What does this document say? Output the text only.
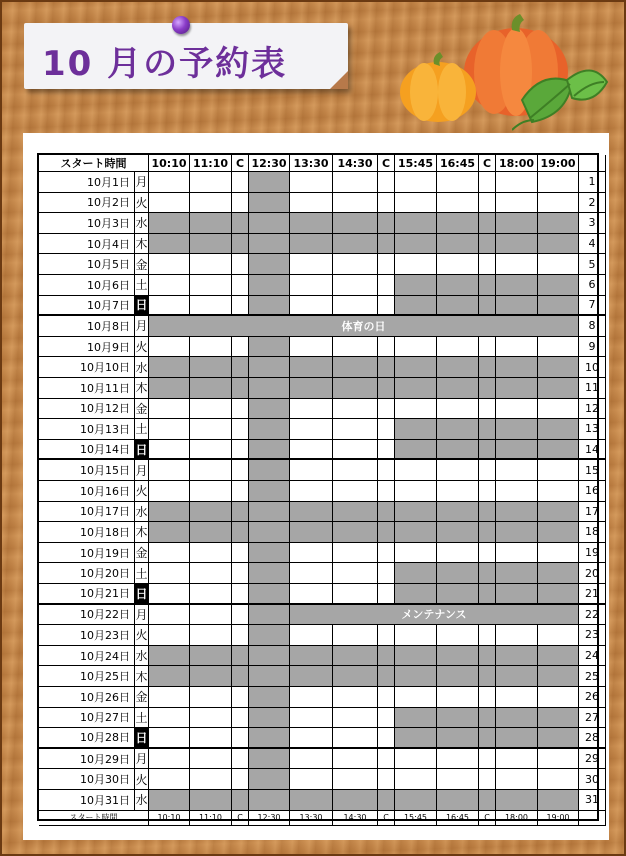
10 月の予約表
スタート時間	10:10 11:10 C 12:30 13:30 14:30 C 15:45 16:45 C 18:00 19:00
10月1日 月	1
10月2日 火	2
10月3日 水	3
10月4日 木	4
10月5日 金	5
10月6日 土	6
10月7日 日	7
10月8日 月	8
体育の日
10月9日 火	9
10月10日 水	10
10月11日 木	11
10月12日 金	12
10月13日 土	13
10月14日 日	14
10月15日 月	15
10月16日 火	16
10月17日 水	17
10月18日 木	18
10月19日 金	19
10月20日 土	20
10月21日 日	21
10月22日 月	22
メンテナンス
10月23日 火	23
10月24日 水	24
10月25日 木	25
10月26日 金	26
10月27日 土	27
10月28日 日	28
10月29日 月	29
10月30日 火	30
10月31日 水	31
スタート時間	10:10	11:10	C	12:30	13:30	14:30	C	15:45	16:45	C	18:00	19:00
